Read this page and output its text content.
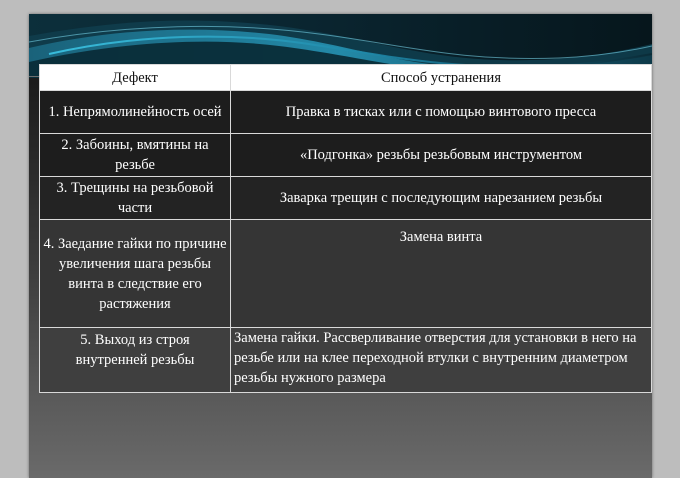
Дефект	Способ устранения
1. Непрямолинейность осей	Правка в тисках или с помощью винтового пресса
2. Забоины, вмятины на резьбе	«Подгонка» резьбы резьбовым инструментом
3. Трещины на резьбовой части	Заварка трещин с последующим нарезанием резьбы
4. Заедание гайки по причине увеличения шага резьбы винта в следствие его растяжения	Замена винта
5. Выход из строя внутренней резьбы	Замена гайки. Рассверливание отверстия для установки в него на резьбе или на клее переходной втулки с внутренним диаметром резьбы нужного размера
